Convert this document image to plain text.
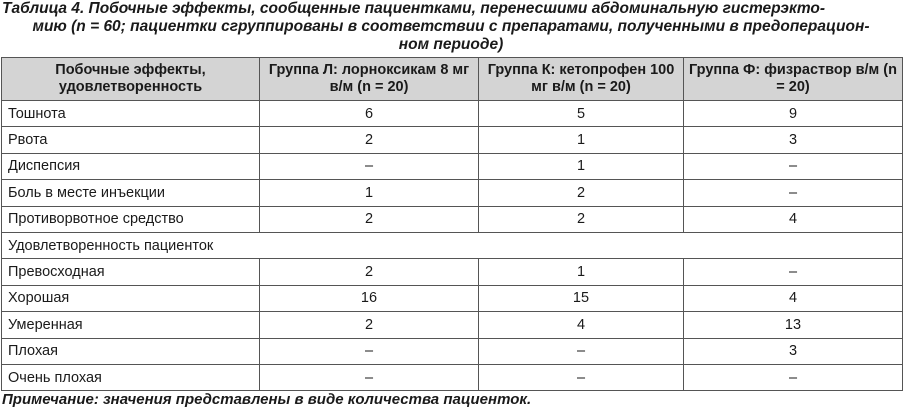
Таблица 4. Побочные эффекты, сообщенные пациентками, перенесшими абдоминальную гистерэкто-
мию (n = 60; пациентки сгруппированы в соответствии с препаратами, полученными в предоперацион-
ном периоде)

Побочные эффекты, удовлетворенность	Группа Л: лорноксикам 8 мг в/м (n = 20)	Группа К: кетопрофен 100 мг в/м (n = 20)	Группа Ф: физраствор в/м (n = 20)
Тошнота	6	5	9
Рвота	2	1	3
Диспепсия	–	1	–
Боль в месте инъекции	1	2	–
Противорвотное средство	2	2	4
Удовлетворенность пациенток			
Превосходная	2	1	–
Хорошая	16	15	4
Умеренная	2	4	13
Плохая	–	–	3
Очень плохая	–	–	–

Примечание: значения представлены в виде количества пациенток.
